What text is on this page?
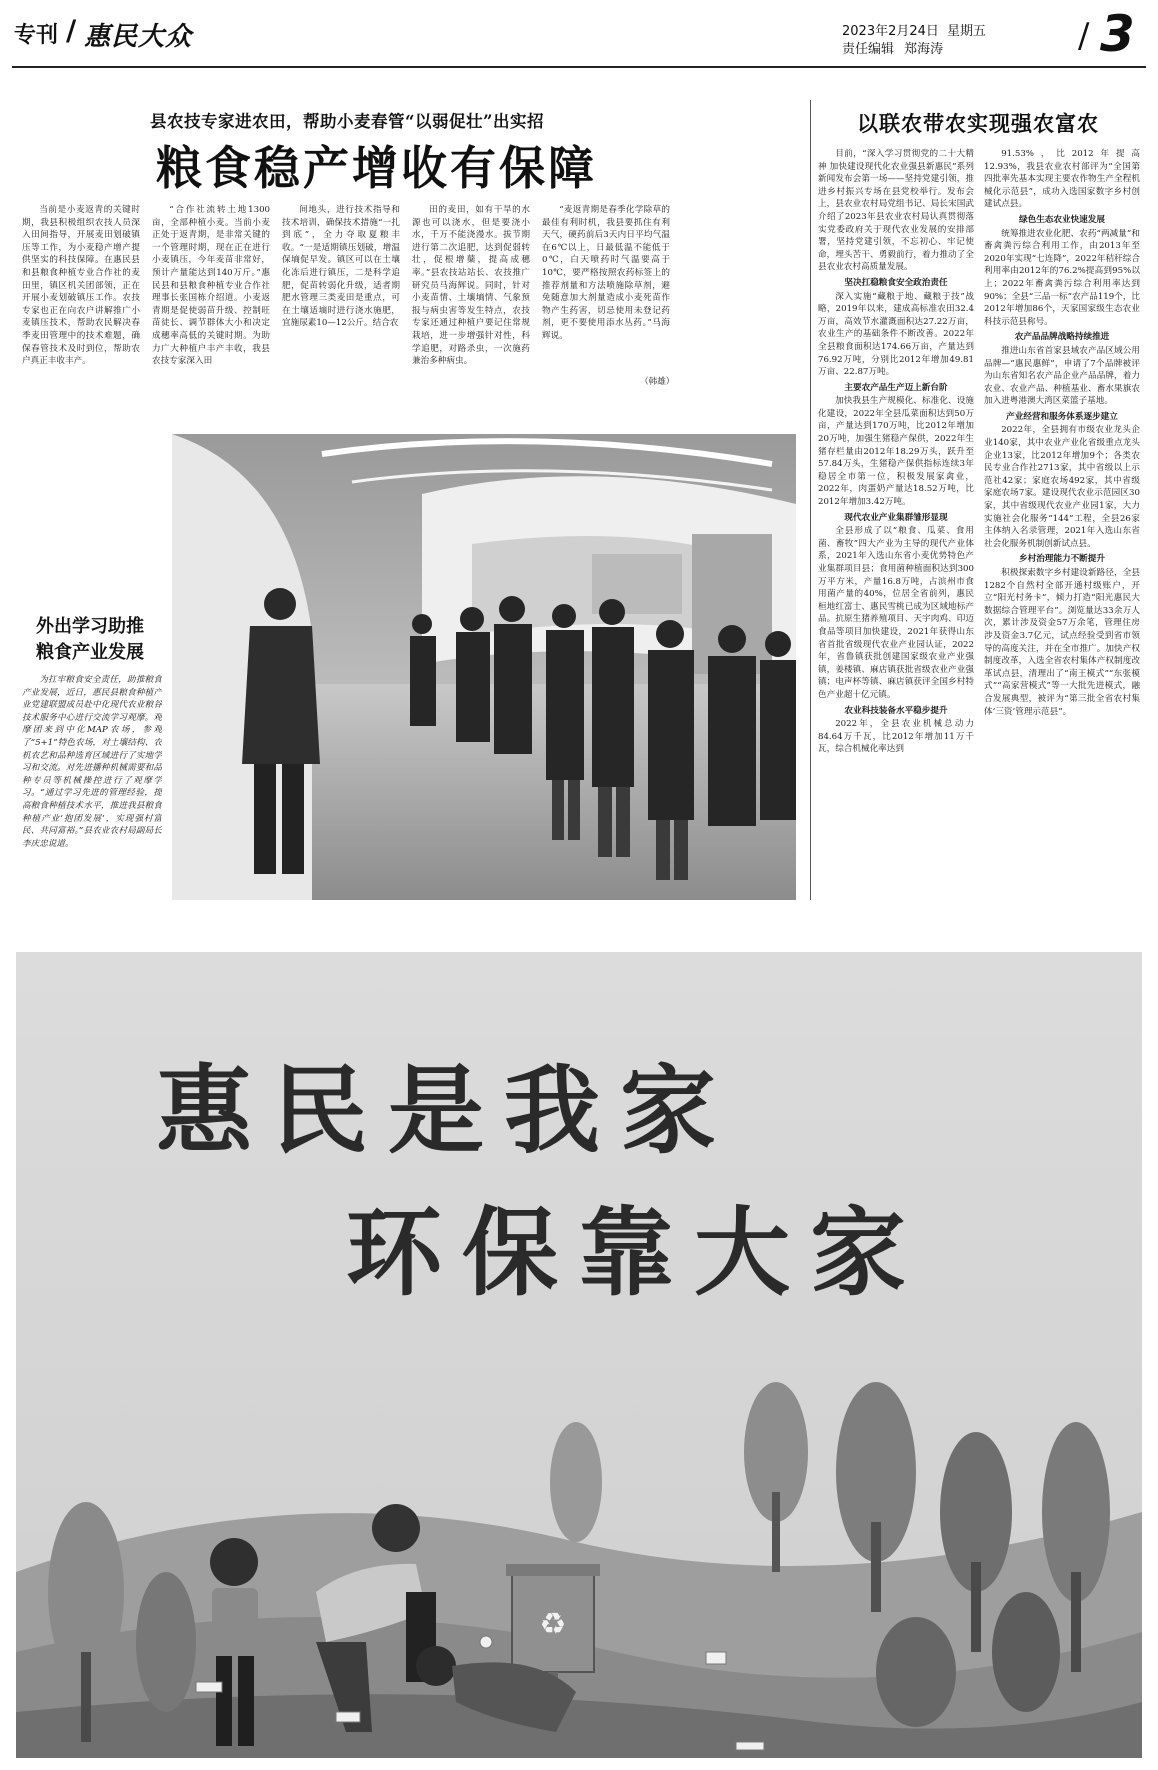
专刊 / 惠民大众	2023年2月24日 星期五
责任编辑 郑海涛	/ 3
县农技专家进农田，帮助小麦春管“以弱促壮”出实招
粮食稳产增收有保障

当前是小麦返青的关键时期，我县积极组织农技人员深入田间指导，开展麦田划破镇压等工作，为小麦稳产增产提供坚实的科技保障。在惠民县和县粮食种植专业合作社的麦田里，镇区机关团部领，正在开展小麦划破镇压工作。农技专家也正在向农户讲解推广小麦镇压技术，帮助农民解决春季麦田管理中的技术难题，确保春管技术及时到位，帮助农户真正丰收丰产。

“合作社流转土地1300亩，全部种植小麦。当前小麦正处于返青期，是非常关键的一个管理时期，现在正在进行小麦镇压，今年麦苗非常好，预计产量能达到140万斤。”惠民县和县粮食种植专业合作社理事长张国栋介绍道。小麦返青期是促使弱苗升级、控制旺苗徒长、调节群体大小和决定成穗率高低的关键时期。为助力广大种植户丰产丰收，我县农技专家深入田

间地头，进行技术指导和技术培训，确保技术措施“一扎到底”，全力夺取夏粮丰收。“一是适期镇压划破，增温保墒促早发。镇区可以在土壤化冻后进行镇压，二是科学追肥，促苗转弱化升级，适者期肥水管理三类麦田是重点，可在土壤适墒时进行浇水施肥，宜施尿素10—12公斤。结合农

田的麦田，如有干旱的水源也可以浇水，但是要浇小水，千万不能浇漫水。拔节期进行第二次追肥，达到促弱转壮，促根增蘖，提高成穗率。”县农技站站长、农技推广研究员马海辉说。同时，针对小麦苗情、土壤墒情、气象预报与病虫害等发生特点，农技专家还通过种植户要记住常规栽培，进一步增强针对性，科学追肥，对路杀虫，一次施药兼治多种病虫。

“麦返青期是春季化学除草的最佳有利时机，我县要抓住有利天气，硬药前后3天内日平均气温在6℃以上，日最低温不能低于0℃，白天喷药时气温要高于10℃，要严格按照农药标签上的推荐剂量和方法喷施除草剂，避免随意加大剂量造成小麦死苗作物产生药害，切忌使用未登记药剂，更不要使用添水丛药。”马海辉说。

（韩雄）
外出学习助推
粮食产业发展

为扛牢粮食安全责任，助推粮食产业发展，近日，惠民县粮食种植产业党建联盟成员赴中化现代农业粮谷技术服务中心进行交流学习观摩。观摩团来到中化MAP农场，参观了“5+1”特色农场，对土壤结构、农机农艺和品种选育区域进行了实地学习和交流。对先进播种机械需要和品种专员等机械操控进行了观摩学习。“通过学习先进的管理经验，提高粮食种植技术水平，推进我县粮食种植产业‘抱团发展’，实现强村富民、共同富裕。”县农业农村局副局长李庆忠说道。

以联农带农实现强农富农

目前，“深入学习贯彻党的二十大精神 加快建设现代化农业强县新惠民”系列新闻发布会第一场——坚持党建引领，推进乡村振兴专场在县党校举行。发布会上，县农业农村局党组书记、局长宋国武介绍了2023年县农业农村局认真贯彻落实党委政府关于现代农业发展的安排部署，坚持党建引领，不忘初心、牢记使命，埋头苦干、勇毅前行，着力推动了全县农业农村高质量发展。

坚决扛稳粮食安全政治责任

深入实施“藏粮于地、藏粮于技”战略，2019年以来，建成高标准农田32.4万亩，高效节水灌溉面积达27.22万亩，农业生产的基础条件不断改善。2022年全县粮食面积达174.66万亩，产量达到76.92万吨，分别比2012年增加49.81万亩、22.87万吨。

主要农产品生产迈上新台阶

加快我县生产规模化、标准化、设施化建设，2022年全县瓜菜面积达到50万亩，产量达到170万吨，比2012年增加20万吨，加强生猪稳产保供，2022年生猪存栏量由2012年18.29万头，跃升至57.84万头，生猪稳产保供指标连续3年稳居全市第一位，积极发展家禽业，2022年，肉蛋奶产量达18.52万吨，比2012年增加3.42万吨。

现代农业产业集群雏形显现

全县形成了以“粮食、瓜菜、食用菌、畜牧”四大产业为主导的现代产业体系，2021年入选山东省小麦优势特色产业集群项目县；食用菌种植面积达到300万平方米，产量16.8万吨，占滨州市食用菌产量的40%，位居全省前列，惠民桓地红富士、惠民雪桃已成为区域地标产品。抗原生猪养殖项目、天宇肉鸡、印迈食品等项目加快建设，2021年获得山东省首批省级现代农业产业园认证，2022年，省鲁镇获批创建国家级农业产业强镇，姜楼镇、麻店镇获批省级农业产业强镇；电声杯等镇、麻店镇获评全国乡村特色产业超十亿元镇。

农业科技装备水平稳步提升

2022年，全县农业机械总动力84.64万千瓦，比2012年增加11万千瓦，综合机械化率达到

91.53%，比2012年提高12.93%，我县农业农村部评为“全国第四批率先基本实现主要农作物生产全程机械化示范县”，成功入选国家数字乡村创建试点县。

绿色生态农业快速发展

统筹推进农业化肥、农药“两减量”和畜禽粪污综合利用工作，由2013年至2020年实现“七连降”，2022年秸秆综合利用率由2012年的76.2%提高到95%以上；2022年畜禽粪污综合利用率达到90%；全县“三品一标”农产品119个，比2012年增加86个，天家国家级生态农业科技示范县称号。

农产品品牌战略持续推进

推进山东省首家县域农产品区域公用品牌—“惠民惠鲜”，申请了7个品牌被评为山东省知名农产品企业产品品牌，着力农业、农业产品、种植基业、畜水果旗农加入进粤港澳大湾区菜篮子基地。

产业经营和服务体系逐步建立

2022年，全县拥有市级农业龙头企业140家，其中农业产业化省级重点龙头企业13家，比2012年增加9个；各类农民专业合作社2713家，其中省级以上示范社42家；家庭农场492家，其中省级家庭农场7家。建设现代农业示范园区30家，其中省级现代农业产业园1家，大力实施社会化服务“144”工程，全县26家主体纳入名录管理，2021年入选山东省社会化服务机制创新试点县。

乡村治理能力不断提升

积极探索数字乡村建设新路径，全县1282个自然村全部开通村级账户，开立“阳光村务卡”，倾力打造“阳光惠民大数据综合管理平台”。浏览量达33余万人次，累计涉及资金57万余笔，管理住房涉及资金3.7亿元，试点经验受到省市领导的高度关注，并在全市推广。加快产权制度改革，入选全省农村集体产权制度改革试点县，清理出了“南王模式”“东张模式”“高家营模式”等一大批先进模式，融合发展典型，被评为“第三批全省农村集体‘三资’管理示范县”。

♻
惠民是我家
环保靠大家
